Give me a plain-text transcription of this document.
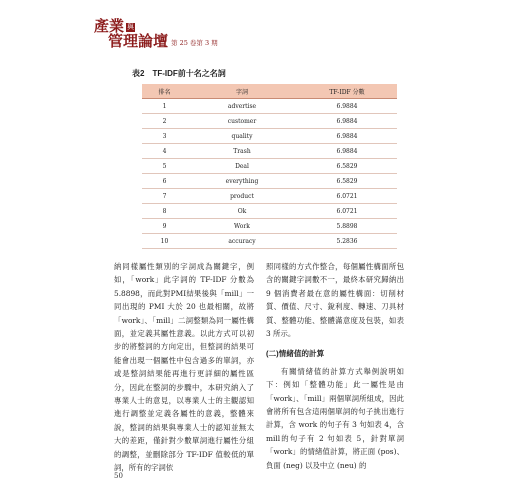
產業 與
管理論壇 第 25 卷第 3 期
表2 TF-IDF前十名之名詞
排名	字詞	TF-IDF 分數
1	advertise	6.9884
2	customer	6.9884
3	quality	6.9884
4	Trash	6.9884
5	Deal	6.5829
6	everything	6.5829
7	product	6.0721
8	Ok	6.0721
9	Work	5.8898
10	accuracy	5.2836

納同樣屬性類別的字詞成為關鍵字，例如，「work」此字詞的 TF-IDF 分數為5.8898，而此對PMI結果後與「mill」一同出現的 PMI 大於 20 也最相關，故將「work」、「mill」二詞整類為同一屬性構面，並定義其屬性意義。以此方式可以初步的將整詞的方向定出，但整詞的結果可能會出現一個屬性中包含過多的單詞，亦或是整詞結果能再進行更詳細的屬性區分，因此在整詞的步驟中，本研究納入了專業人士的意見，以專業人士的主觀認知進行調整並定義各屬性的意義，整體來說，整詞的結果與專業人士的認知並無太大的差距，僅針對少數單詞進行屬性分組的調整，並刪除部分 TF-IDF 值較低的單詞，所有的字詞依

照同樣的方式作整合，每個屬性構面所包含的關鍵字詞數不一，最終本研究歸納出 9 個消費者最在意的屬性構面：切削材質、價值、尺寸、銳利度、轉速、刀具材質、整體功能、整體滿意度及包裝，如表 3 所示。

(二)情緒值的計算

有關情緒值的計算方式舉例說明如下：例如「整體功能」此一屬性是由「work」、「mill」兩個單詞所組成，因此會將所有包含這兩個單詞的句子挑出進行計算，含 work 的句子有 3 句如表 4，含mill的句子有 2 句如表 5，針對單詞「work」的情緒值計算，將正面 (pos)、負面 (neg) 以及中立 (neu) 的

50
